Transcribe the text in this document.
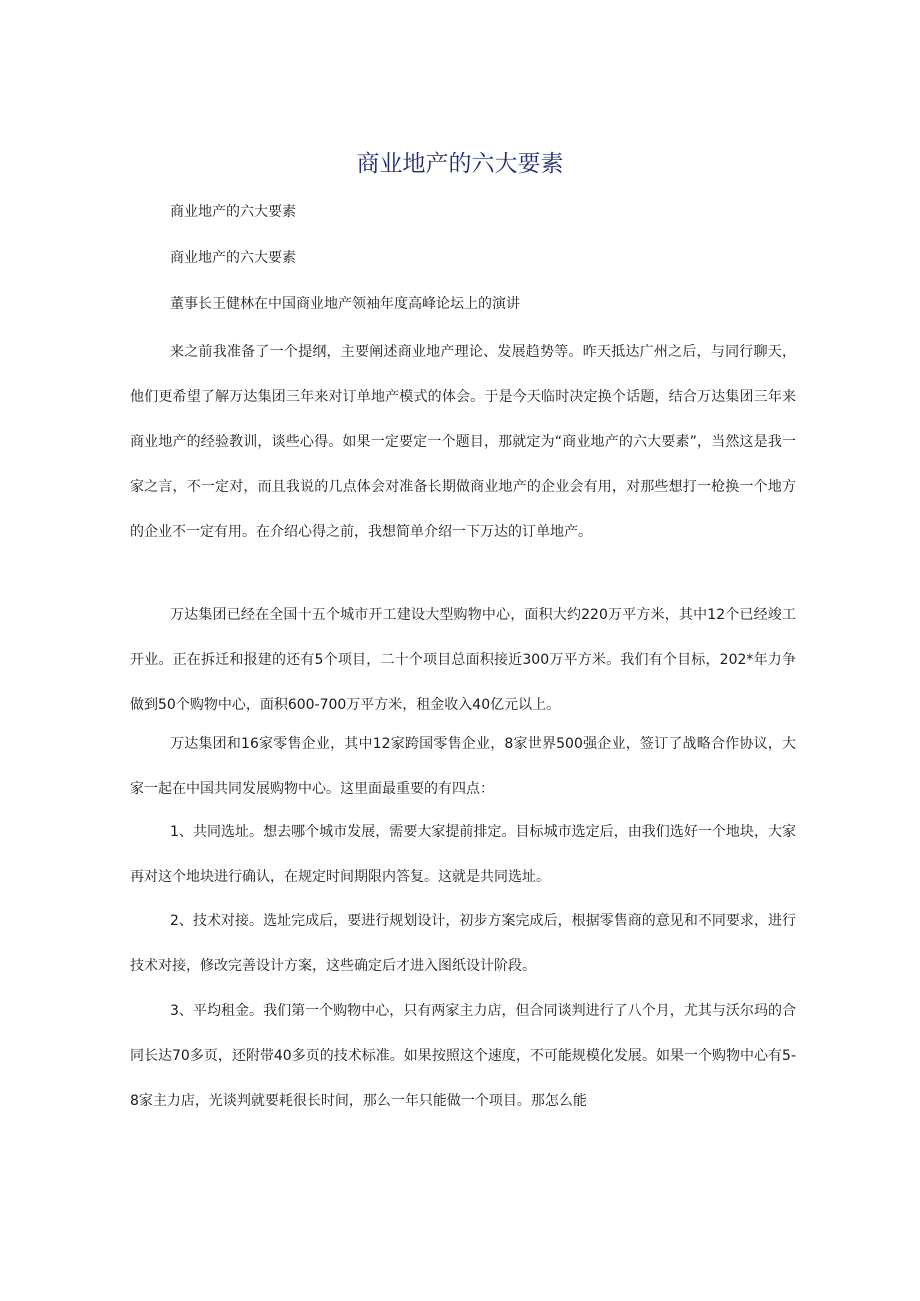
商业地产的六大要素
商业地产的六大要素
商业地产的六大要素
董事长王健林在中国商业地产领袖年度高峰论坛上的演讲

来之前我准备了一个提纲，主要阐述商业地产理论、发展趋势等。昨天抵达广州之后，与同行聊天，他们更希望了解万达集团三年来对订单地产模式的体会。于是今天临时决定换个话题，结合万达集团三年来商业地产的经验教训，谈些心得。如果一定要定一个题目，那就定为“商业地产的六大要素”，当然这是我一家之言，不一定对，而且我说的几点体会对准备长期做商业地产的企业会有用，对那些想打一枪换一个地方的企业不一定有用。在介绍心得之前，我想简单介绍一下万达的订单地产。

万达集团已经在全国十五个城市开工建设大型购物中心，面积大约220万平方米，其中12个已经竣工开业。正在拆迁和报建的还有5个项目，二十个项目总面积接近300万平方米。我们有个目标，202*年力争做到50个购物中心，面积600-700万平方米，租金收入40亿元以上。

万达集团和16家零售企业，其中12家跨国零售企业，8家世界500强企业，签订了战略合作协议，大家一起在中国共同发展购物中心。这里面最重要的有四点：

1、共同选址。想去哪个城市发展，需要大家提前排定。目标城市选定后，由我们选好一个地块，大家再对这个地块进行确认，在规定时间期限内答复。这就是共同选址。

2、技术对接。选址完成后，要进行规划设计，初步方案完成后，根据零售商的意见和不同要求，进行技术对接，修改完善设计方案，这些确定后才进入图纸设计阶段。

3、平均租金。我们第一个购物中心，只有两家主力店，但合同谈判进行了八个月，尤其与沃尔玛的合同长达70多页，还附带40多页的技术标准。如果按照这个速度，不可能规模化发展。如果一个购物中心有5-8家主力店，光谈判就要耗很长时间，那么一年只能做一个项目。那怎么能
